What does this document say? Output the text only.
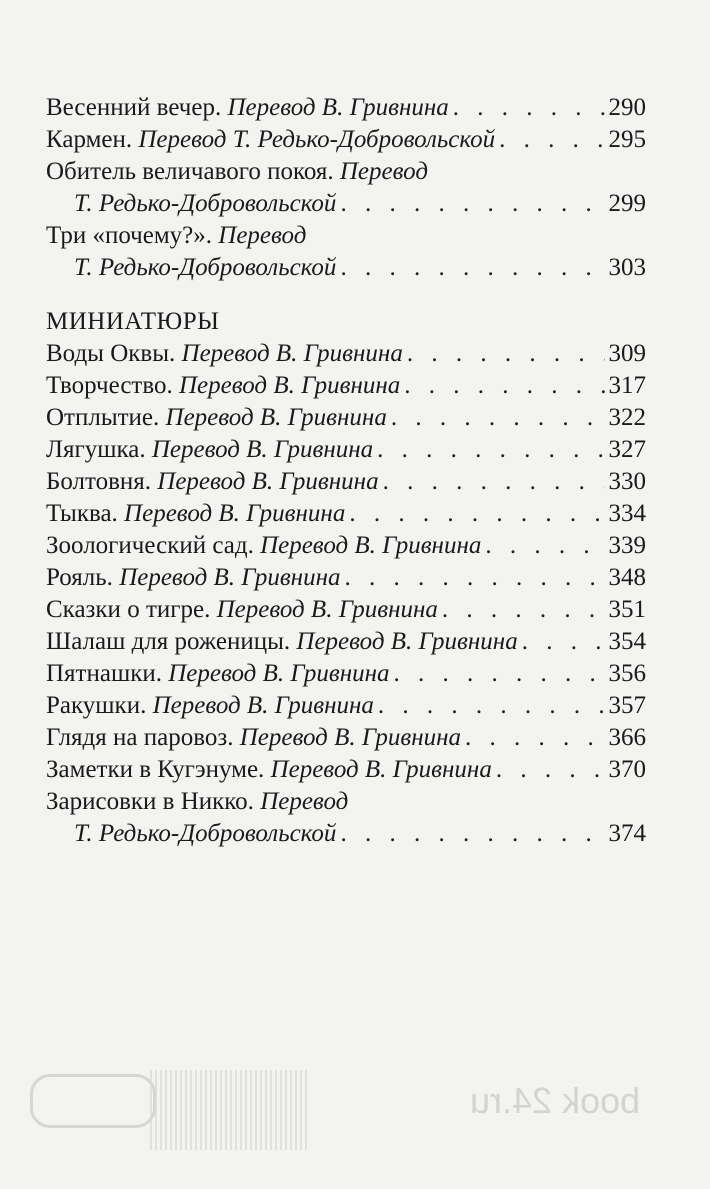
book 24.ru
Весенний вечер. Перевод В. Гривнина . . .	290
Кармен. Перевод Т. Редько-Добровольской . . .	295
Обитель величавого покоя. Перевод
Т. Редько-Добровольской . . .	299
Три «почему?». Перевод
Т. Редько-Добровольской . . .	303
МИНИАТЮРЫ
Воды Оквы. Перевод В. Гривнина . . .	309
Творчество. Перевод В. Гривнина . . .	317
Отплытие. Перевод В. Гривнина . . .	322
Лягушка. Перевод В. Гривнина . . .	327
Болтовня. Перевод В. Гривнина . . .	330
Тыква. Перевод В. Гривнина . . .	334
Зоологический сад. Перевод В. Гривнина . . .	339
Рояль. Перевод В. Гривнина . . .	348
Сказки о тигре. Перевод В. Гривнина . . .	351
Шалаш для роженицы. Перевод В. Гривнина . . .	354
Пятнашки. Перевод В. Гривнина . . .	356
Ракушки. Перевод В. Гривнина . . .	357
Глядя на паровоз. Перевод В. Гривнина . . .	366
Заметки в Кугэнуме. Перевод В. Гривнина . . .	370
Зарисовки в Никко. Перевод
Т. Редько-Добровольской . . .	374
